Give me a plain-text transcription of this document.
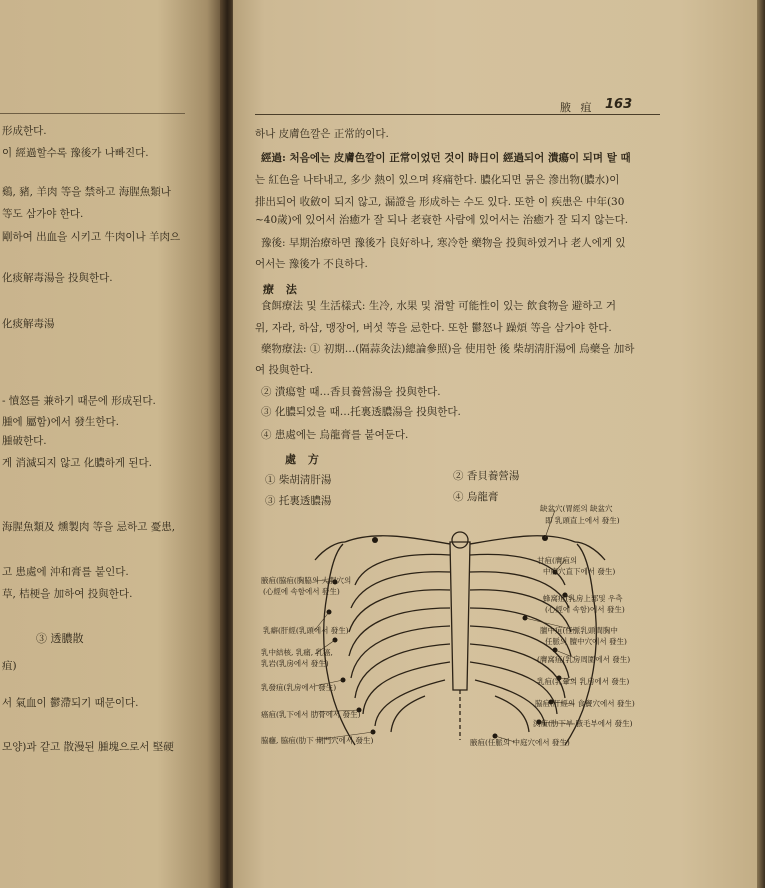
形成한다.
이 經過할수록 豫後가 나빠진다.
鷄, 豬, 羊肉 等을 禁하고 海腥魚類나
等도 삼가야 한다.
剛하여 出血을 시키고 牛肉이나 羊肉으
化痰解毒湯을 投與한다.
化痰解毒湯
- 憤怒를 兼하기 때문에 形成된다.
腫에 屬함)에서 發生한다.
腫破한다.
게 消滅되지 않고 化膿하게 된다.
海腥魚類及 燻製肉 等을 忌하고 憂患,
고 患處에 沖和膏를 붙인다.
草, 桔梗을 加하여 投與한다.
③ 透膿散
疽)
서 氣血이 鬱滯되기 때문이다.
모양)과 같고 散漫된 腫塊으로서 堅硬
腋 疽 163
하나 皮膚色깔은 正常的이다.
經過: 처음에는 皮膚色깔이 正常이었던 것이 時日이 經過되어 潰瘍이 되며 탈 때
는 紅色을 나타내고, 多少 熱이 있으며 疼痛한다. 膿化되면 묽은 滲出物(膿水)이
排出되어 收斂이 되지 않고, 漏證을 形成하는 수도 있다. 또한 이 疾患은 中年(30
~40歲)에 있어서 治癒가 잘 되나 老衰한 사람에 있어서는 治癒가 잘 되지 않는다.
豫後: 早期治療하면 豫後가 良好하나, 寒冷한 藥物을 投與하였거나 老人에게 있
어서는 豫後가 不良하다.
療 法
食餌療法 및 生活樣式: 生冷, 水果 및 滑할 可能性이 있는 飲食物을 避하고 거
위, 자라, 하삼, 맹장어, 버섯 等을 忌한다. 또한 鬱怒나 躁煩 等을 삼가야 한다.
藥物療法: ① 初期…(隔蒜灸法)總論參照)을 使用한 後 柴胡淸肝湯에 烏藥을 加하
여 投與한다.
② 潰瘍할 때…香貝養營湯을 投與한다.
③ 化膿되었을 때…托裏透膿湯을 投與한다.
④ 患處에는 烏龍膏를 붙여둔다.
處 方
① 柴胡淸肝湯	② 香貝養營湯
③ 托裏透膿湯	④ 烏龍膏
缺盆穴(胃經의 缺盆穴
即 乳頭直上에서 發生)
甘疽(膺疽의
中府穴直下에서 發生)
蜂窩疽(乳房上部및 우측
(心經에 속함)에서 發生)
膻中疽(任脈乳頭間胸中
任脈의 膻中穴에서 發生)
(膺窩疽(乳房周圍에서 發生)
乳疽(乳暈의 乳房에서 發生)
脇疽(肝經의 食竇穴에서 發生)
渕疽(肋下부 腋毛부에서 發生)
腋疽(任脈의 中庭穴에서 發生)
腋疽(脇疽(胸脇의 大腸穴의
(心經에 속함에서 發生)
乳癖(肝經(乳頭에서 發生)
乳中結核, 乳痛, 乳癌,
乳岩(乳房에서 發生)
乳發疽(乳房에서 發生)
癌疽(乳下에서 肋骨에서 發生)
脇癰, 脇疽(肋下 期門穴에서 發生)
